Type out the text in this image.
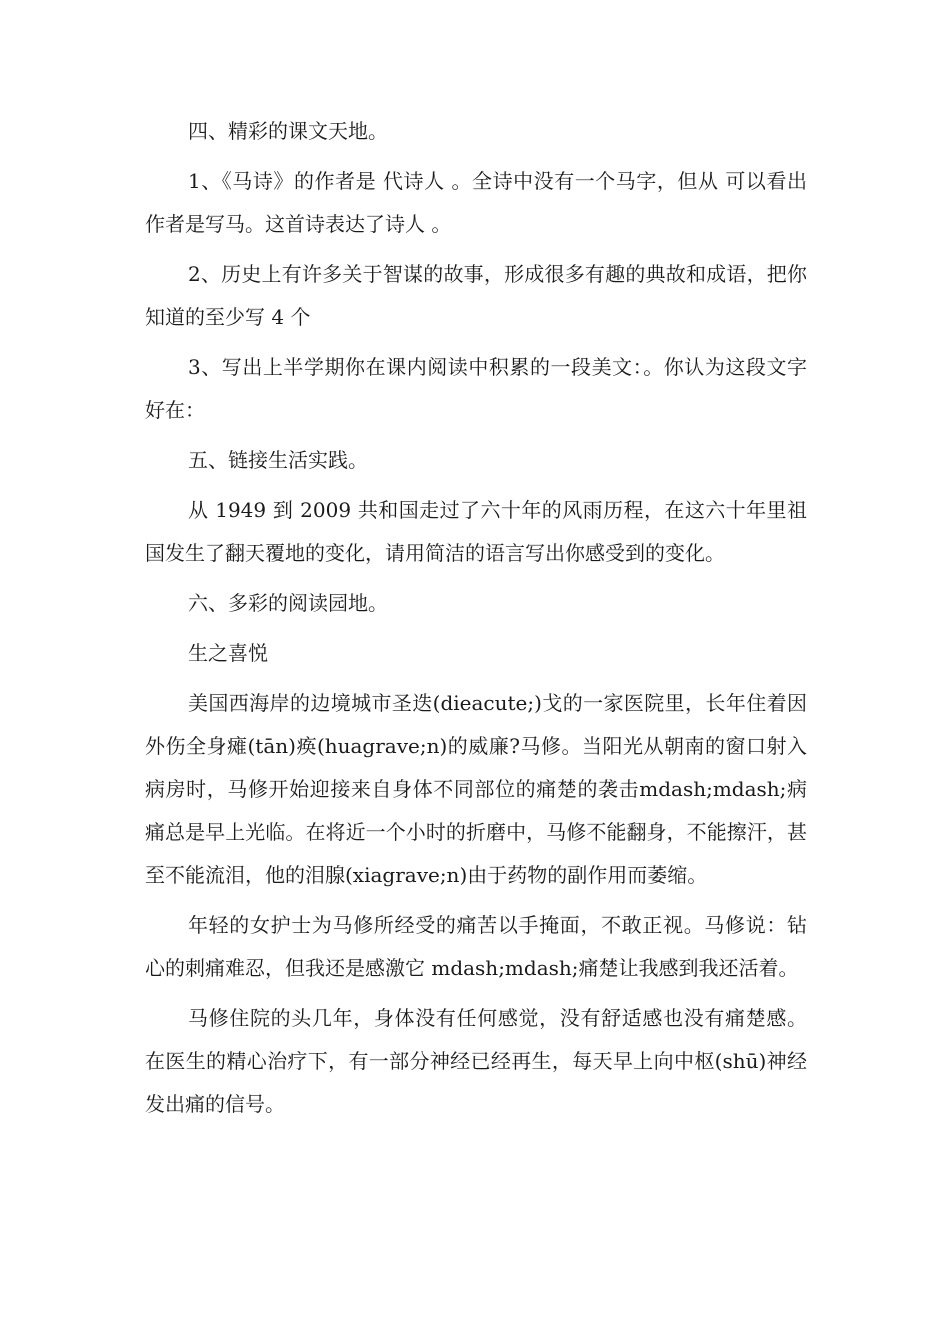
四、精彩的课文天地。

1、《马诗》的作者是 代诗人 。全诗中没有一个马字，但从 可以看出作者是写马。这首诗表达了诗人 。

2、历史上有许多关于智谋的故事，形成很多有趣的典故和成语，把你知道的至少写 4 个

3、写出上半学期你在课内阅读中积累的一段美文：。你认为这段文字好在：

五、链接生活实践。

从 1949 到 2009 共和国走过了六十年的风雨历程，在这六十年里祖国发生了翻天覆地的变化，请用简洁的语言写出你感受到的变化。

六、多彩的阅读园地。

生之喜悦

美国西海岸的边境城市圣迭(dieacute;)戈的一家医院里，长年住着因外伤全身瘫(tān)痪(huagrave;n)的威廉?马修。当阳光从朝南的窗口射入病房时，马修开始迎接来自身体不同部位的痛楚的袭击mdash;mdash;病痛总是早上光临。在将近一个小时的折磨中，马修不能翻身，不能擦汗，甚至不能流泪，他的泪腺(xiagrave;n)由于药物的副作用而萎缩。

年轻的女护士为马修所经受的痛苦以手掩面，不敢正视。马修说：钻心的刺痛难忍，但我还是感激它 mdash;mdash;痛楚让我感到我还活着。

马修住院的头几年，身体没有任何感觉，没有舒适感也没有痛楚感。在医生的精心治疗下，有一部分神经已经再生，每天早上向中枢(shū)神经发出痛的信号。
